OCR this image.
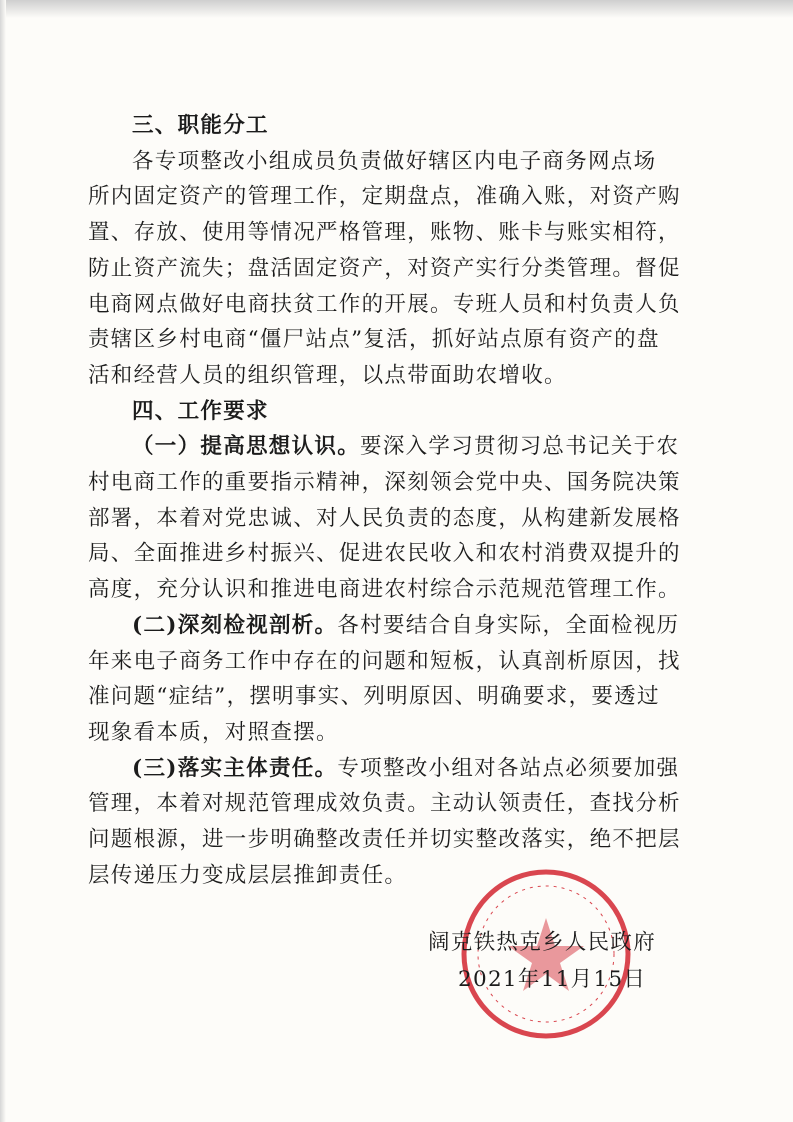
三、职能分工

各专项整改小组成员负责做好辖区内电子商务网点场

所内固定资产的管理工作，定期盘点，准确入账，对资产购

置、存放、使用等情况严格管理，账物、账卡与账实相符，

防止资产流失；盘活固定资产，对资产实行分类管理。督促

电商网点做好电商扶贫工作的开展。专班人员和村负责人负

责辖区乡村电商“僵尸站点”复活，抓好站点原有资产的盘

活和经营人员的组织管理，以点带面助农增收。

四、工作要求

（一）提高思想认识。要深入学习贯彻习总书记关于农

村电商工作的重要指示精神，深刻领会党中央、国务院决策

部署，本着对党忠诚、对人民负责的态度，从构建新发展格

局、全面推进乡村振兴、促进农民收入和农村消费双提升的

高度，充分认识和推进电商进农村综合示范规范管理工作。

(二)深刻检视剖析。各村要结合自身实际，全面检视历

年来电子商务工作中存在的问题和短板，认真剖析原因，找

准问题“症结”，摆明事实、列明原因、明确要求，要透过

现象看本质，对照查摆。

(三)落实主体责任。专项整改小组对各站点必须要加强

管理，本着对规范管理成效负责。主动认领责任，查找分析

问题根源，进一步明确整改责任并切实整改落实，绝不把层

层传递压力变成层层推卸责任。

阔克铁热克乡人民政府
2021年11月15日
